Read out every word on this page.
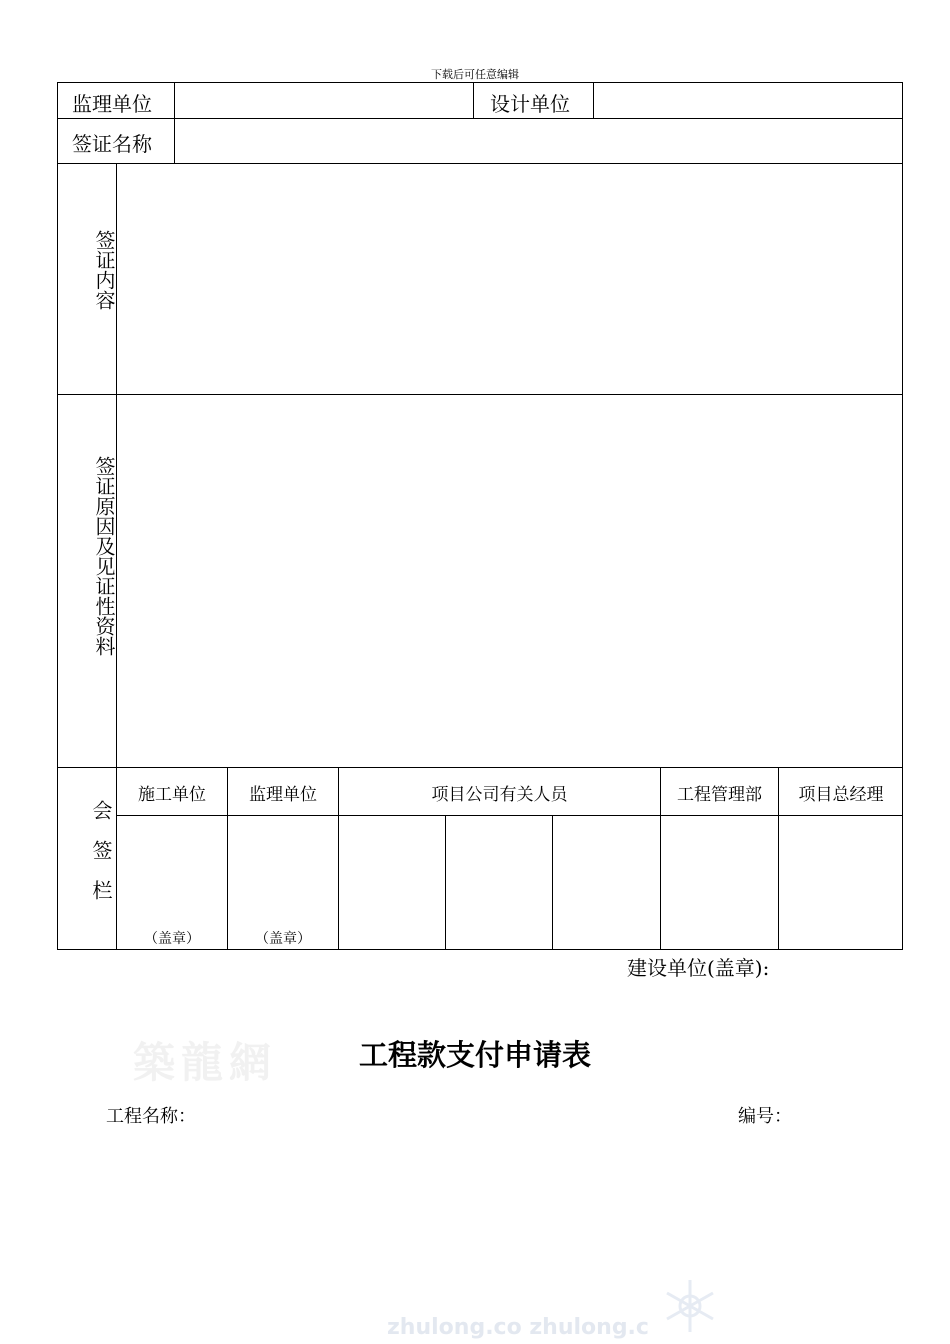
下载后可任意编辑
监理单位	设计单位
签证名称
签证内容
签证原因及见证性资料
会签栏
施工单位	监理单位	项目公司有关人员	工程管理部	项目总经理
（盖章）	（盖章）
建设单位(盖章):
築龍網	工程款支付申请表
工程名称：	编号：
zhulong.co zhulong.c
